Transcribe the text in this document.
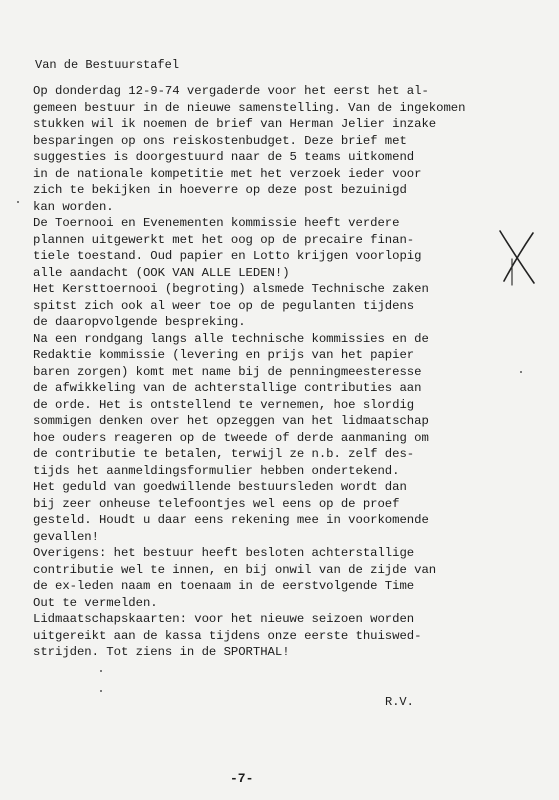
Van de Bestuurstafel
Op donderdag 12-9-74 vergaderde voor het eerst het al-
gemeen bestuur in de nieuwe samenstelling. Van de ingekomen
stukken wil ik noemen de brief van Herman Jelier inzake
besparingen op ons reiskostenbudget. Deze brief met
suggesties is doorgestuurd naar de 5 teams uitkomend
in de nationale kompetitie met het verzoek ieder voor
zich te bekijken in hoeverre op deze post bezuinigd
kan worden.
De Toernooi en Evenementen kommissie heeft verdere
plannen uitgewerkt met het oog op de precaire finan-
tiele toestand. Oud papier en Lotto krijgen voorlopig
alle aandacht (OOK VAN ALLE LEDEN!)
Het Kersttoernooi (begroting) alsmede Technische zaken
spitst zich ook al weer toe op de pegulanten tijdens
de daaropvolgende bespreking.
Na een rondgang langs alle technische kommissies en de
Redaktie kommissie (levering en prijs van het papier
baren zorgen) komt met name bij de penningmeesteresse
de afwikkeling van de achterstallige contributies aan
de orde. Het is ontstellend te vernemen, hoe slordig
sommigen denken over het opzeggen van het lidmaatschap
hoe ouders reageren op de tweede of derde aanmaning om
de contributie te betalen, terwijl ze n.b. zelf des-
tijds het aanmeldingsformulier hebben ondertekend.
Het geduld van goedwillende bestuursleden wordt dan
bij zeer onheuse telefoontjes wel eens op de proef
gesteld. Houdt u daar eens rekening mee in voorkomende
gevallen!
Overigens: het bestuur heeft besloten achterstallige
contributie wel te innen, en bij onwil van de zijde van
de ex-leden naam en toenaam in de eerstvolgende Time
Out te vermelden.
Lidmaatschapskaarten: voor het nieuwe seizoen worden
uitgereikt aan de kassa tijdens onze eerste thuiswed-
strijden. Tot ziens in de SPORTHAL!
R.V.
-7-
